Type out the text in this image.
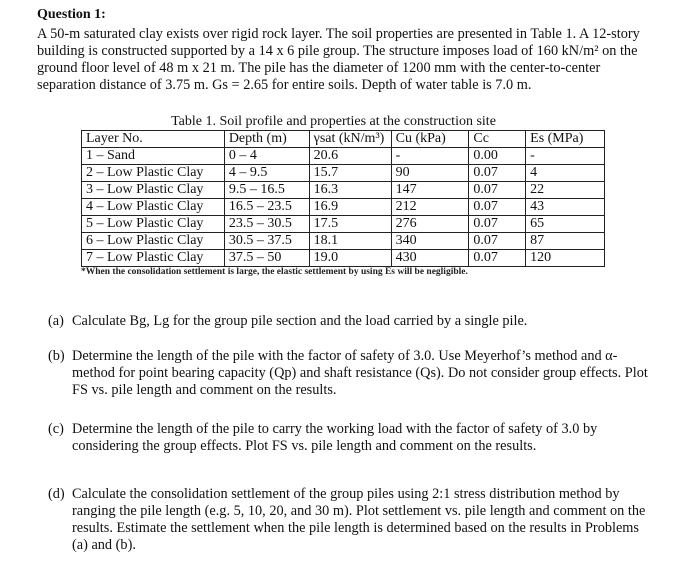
Question 1:

A 50-m saturated clay exists over rigid rock layer. The soil properties are presented in Table 1. A 12-story building is constructed supported by a 14 x 6 pile group. The structure imposes load of 160 kN/m² on the ground floor level of 48 m x 21 m. The pile has the diameter of 1200 mm with the center-to-center separation distance of 3.75 m. Gs = 2.65 for entire soils. Depth of water table is 7.0 m.

Table 1. Soil profile and properties at the construction site
Layer No.	Depth (m)	γsat (kN/m³)	Cu (kPa)	Cc	Es (MPa)
1 – Sand	0 – 4	20.6	-	0.00	-
2 – Low Plastic Clay	4 – 9.5	15.7	90	0.07	4
3 – Low Plastic Clay	9.5 – 16.5	16.3	147	0.07	22
4 – Low Plastic Clay	16.5 – 23.5	16.9	212	0.07	43
5 – Low Plastic Clay	23.5 – 30.5	17.5	276	0.07	65
6 – Low Plastic Clay	30.5 – 37.5	18.1	340	0.07	87
7 – Low Plastic Clay	37.5 – 50	19.0	430	0.07	120
*When the consolidation settlement is large, the elastic settlement by using Es will be negligible.
(a) Calculate Bg, Lg for the group pile section and the load carried by a single pile.
(b) Determine the length of the pile with the factor of safety of 3.0. Use Meyerhof’s method and α-method for point bearing capacity (Qp) and shaft resistance (Qs). Do not consider group effects. Plot FS vs. pile length and comment on the results.
(c) Determine the length of the pile to carry the working load with the factor of safety of 3.0 by considering the group effects. Plot FS vs. pile length and comment on the results.
(d) Calculate the consolidation settlement of the group piles using 2:1 stress distribution method by ranging the pile length (e.g. 5, 10, 20, and 30 m). Plot settlement vs. pile length and comment on the results. Estimate the settlement when the pile length is determined based on the results in Problems (a) and (b).
